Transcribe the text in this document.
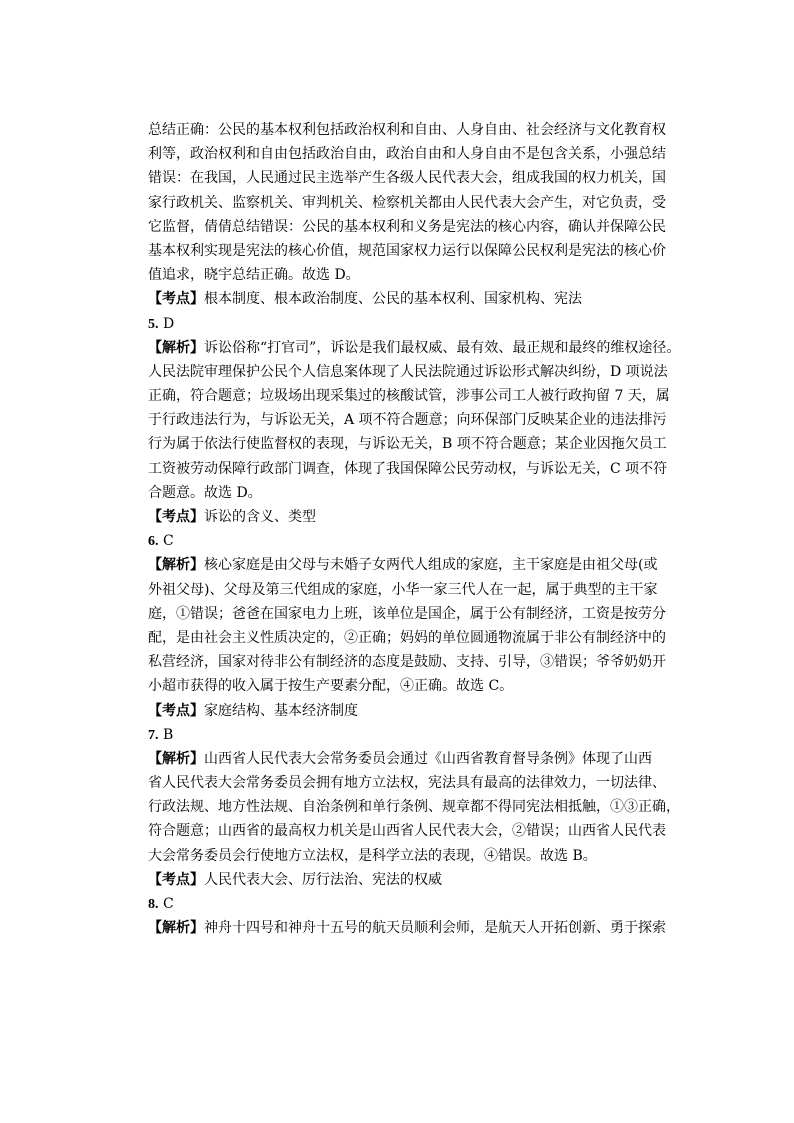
总结正确：公民的基本权利包括政治权利和自由、人身自由、社会经济与文化教育权
利等，政治权利和自由包括政治自由，政治自由和人身自由不是包含关系，小强总结
错误：在我国，人民通过民主选举产生各级人民代表大会，组成我国的权力机关，国
家行政机关、监察机关、审判机关、检察机关都由人民代表大会产生，对它负责，受
它监督，倩倩总结错误：公民的基本权利和义务是宪法的核心内容，确认并保障公民
基本权利实现是宪法的核心价值，规范国家权力运行以保障公民权利是宪法的核心价
值追求，晓宇总结正确。故选 D。
【考点】根本制度、根本政治制度、公民的基本权利、国家机构、宪法
5. D
【解析】诉讼俗称“打官司”，诉讼是我们最权威、最有效、最正规和最终的维权途径。
人民法院审理保护公民个人信息案体现了人民法院通过诉讼形式解决纠纷，D 项说法
正确，符合题意；垃圾场出现采集过的核酸试管，涉事公司工人被行政拘留 7 天，属
于行政违法行为，与诉讼无关，A 项不符合题意；向环保部门反映某企业的违法排污
行为属于依法行使监督权的表现，与诉讼无关，B 项不符合题意；某企业因拖欠员工
工资被劳动保障行政部门调查，体现了我国保障公民劳动权，与诉讼无关，C 项不符
合题意。故选 D。
【考点】诉讼的含义、类型
6. C
【解析】核心家庭是由父母与未婚子女两代人组成的家庭，主干家庭是由祖父母(或
外祖父母)、父母及第三代组成的家庭，小华一家三代人在一起，属于典型的主干家
庭，①错误；爸爸在国家电力上班，该单位是国企，属于公有制经济，工资是按劳分
配，是由社会主义性质决定的，②正确；妈妈的单位圆通物流属于非公有制经济中的
私营经济，国家对待非公有制经济的态度是鼓励、支持、引导，③错误；爷爷奶奶开
小超市获得的收入属于按生产要素分配，④正确。故选 C。
【考点】家庭结构、基本经济制度
7. B
【解析】山西省人民代表大会常务委员会通过《山西省教育督导条例》体现了山西
省人民代表大会常务委员会拥有地方立法权，宪法具有最高的法律效力，一切法律、
行政法规、地方性法规、自治条例和单行条例、规章都不得同宪法相抵触，①③正确，
符合题意；山西省的最高权力机关是山西省人民代表大会，②错误；山西省人民代表
大会常务委员会行使地方立法权，是科学立法的表现，④错误。故选 B。
【考点】人民代表大会、厉行法治、宪法的权威
8. C
【解析】神舟十四号和神舟十五号的航天员顺利会师，是航天人开拓创新、勇于探索
